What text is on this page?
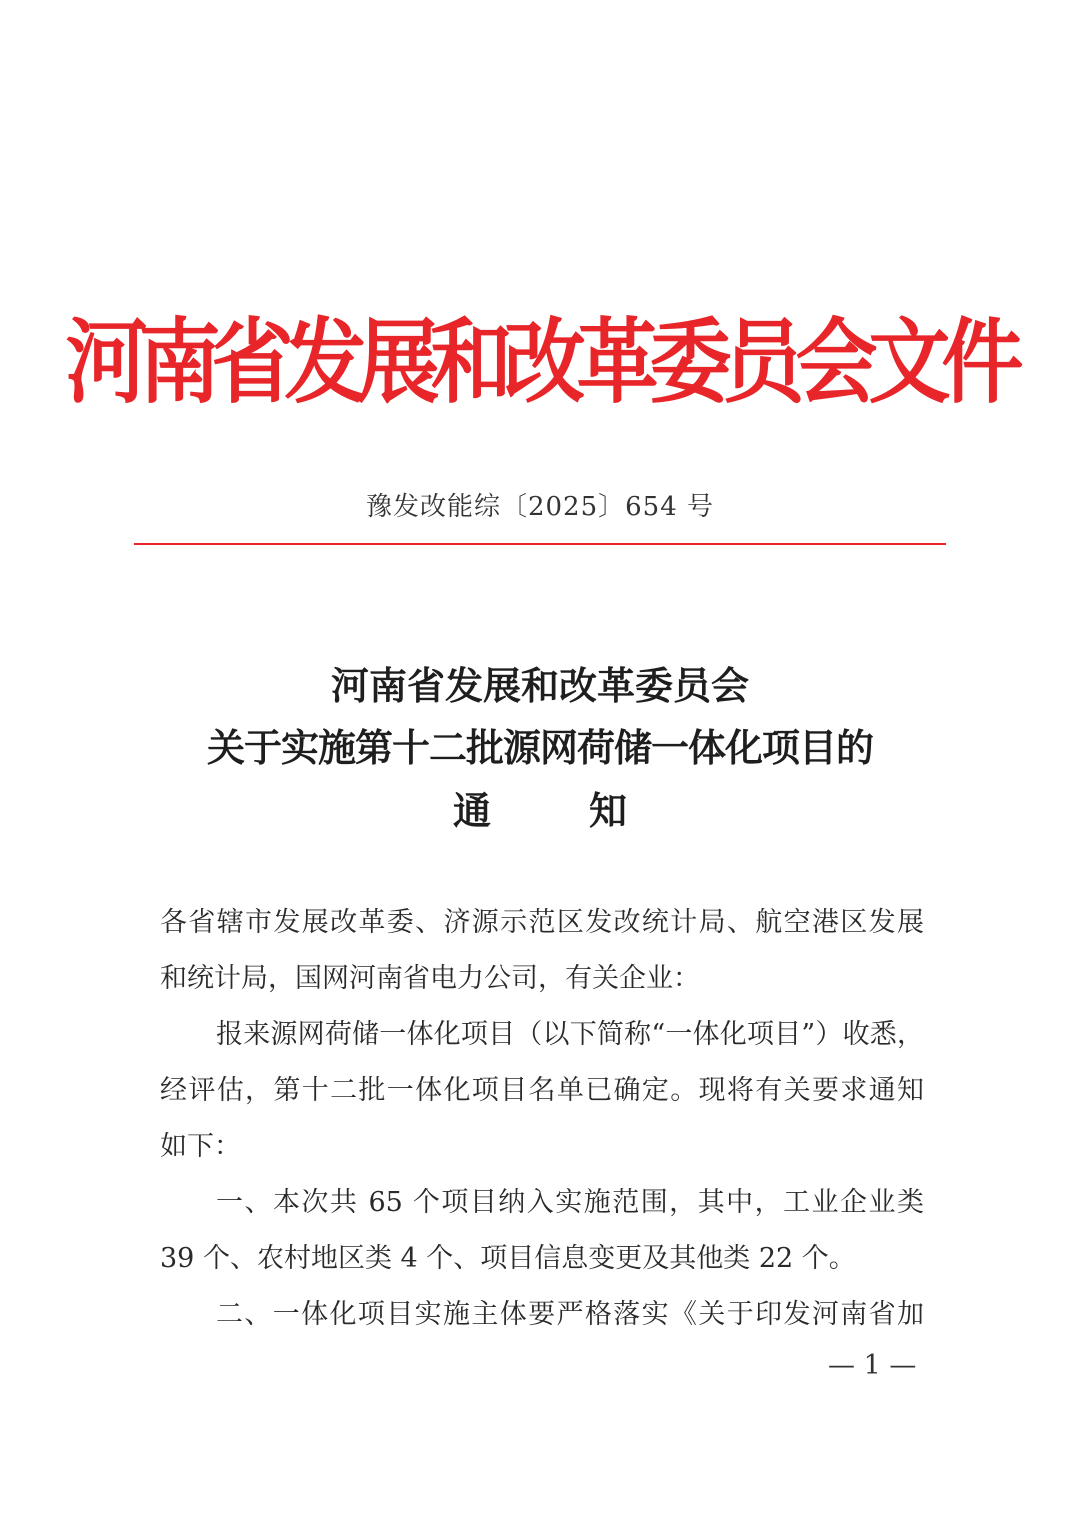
河南省发展和改革委员会文件
豫发改能综〔2025〕654 号
河南省发展和改革委员会
关于实施第十二批源网荷储一体化项目的
通	知
各省辖市发展改革委、济源示范区发改统计局、航空港区发展
和统计局，国网河南省电力公司，有关企业：
报来源网荷储一体化项目（以下简称“一体化项目”）收悉，
经评估，第十二批一体化项目名单已确定。现将有关要求通知
如下：
一、本次共 65 个项目纳入实施范围，其中，工业企业类
39 个、农村地区类 4 个、项目信息变更及其他类 22 个。
二、一体化项目实施主体要严格落实《关于印发河南省加
— 1 —
